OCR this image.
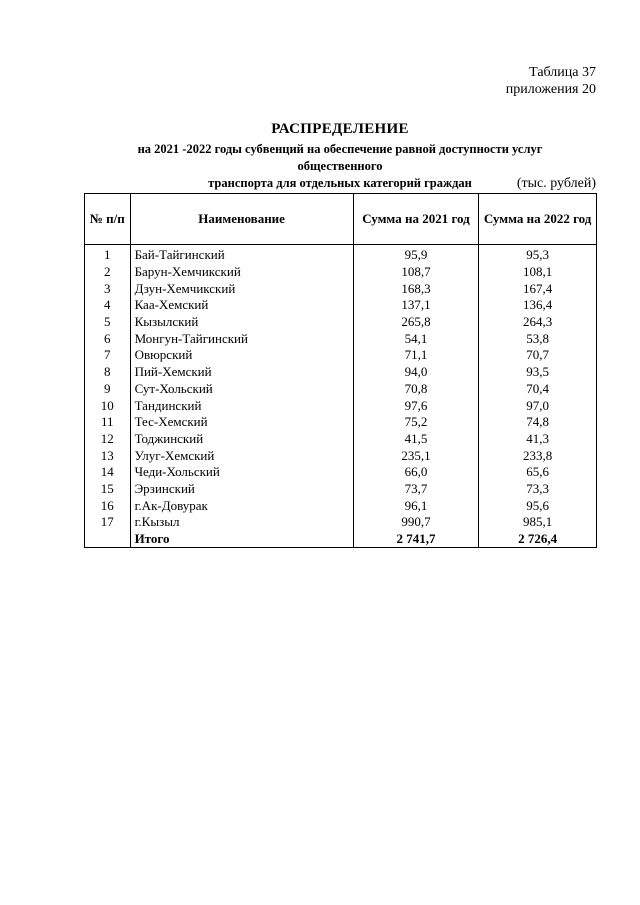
Таблица 37
приложения 20
РАСПРЕДЕЛЕНИЕ
на 2021 -2022 годы субвенций на обеспечение равной доступности услуг общественного
транспорта для отдельных категорий граждан	(тыс. рублей)
№ п/п	Наименование	Сумма на 2021 год	Сумма на 2022 год
1	Бай-Тайгинский	95,9	95,3
2	Барун-Хемчикский	108,7	108,1
3	Дзун-Хемчикский	168,3	167,4
4	Каа-Хемский	137,1	136,4
5	Кызылский	265,8	264,3
6	Монгун-Тайгинский	54,1	53,8
7	Овюрский	71,1	70,7
8	Пий-Хемский	94,0	93,5
9	Сут-Хольский	70,8	70,4
10	Тандинский	97,6	97,0
11	Тес-Хемский	75,2	74,8
12	Тоджинский	41,5	41,3
13	Улуг-Хемский	235,1	233,8
14	Чеди-Хольский	66,0	65,6
15	Эрзинский	73,7	73,3
16	г.Ак-Довурак	96,1	95,6
17	г.Кызыл	990,7	985,1
	Итого	2 741,7	2 726,4
